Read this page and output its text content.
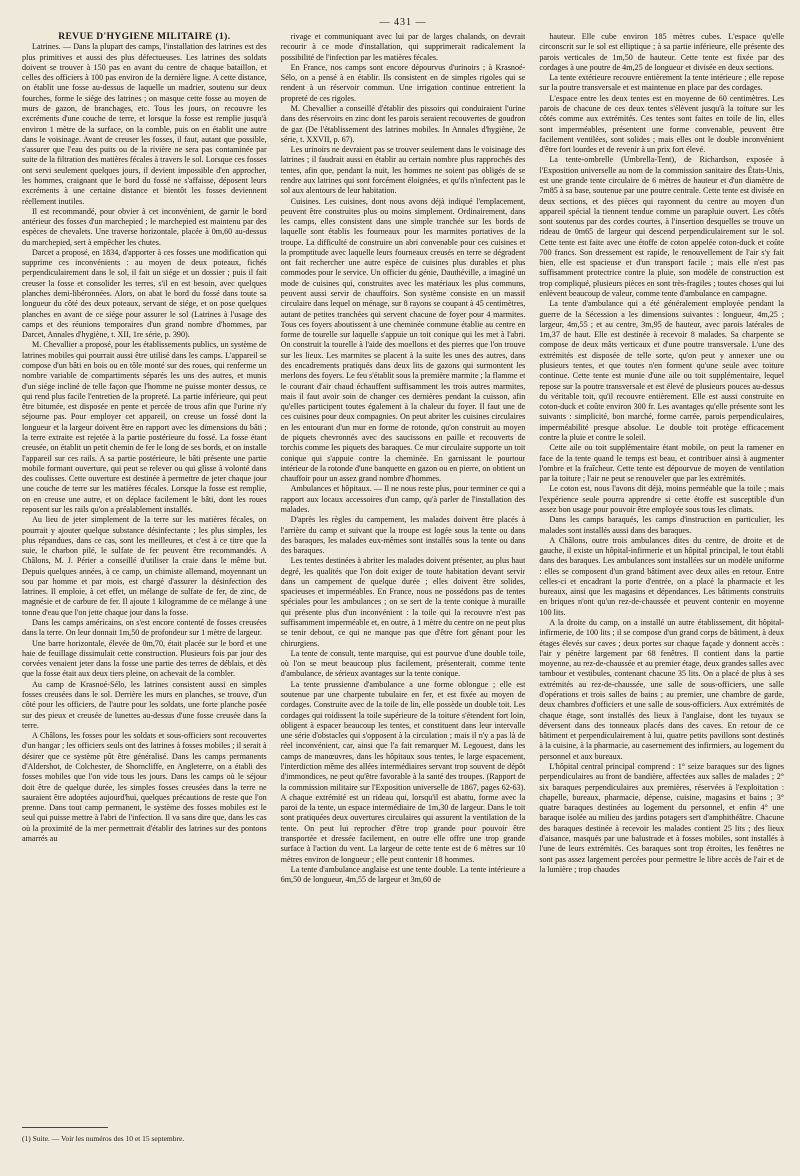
— 431 —

REVUE D'HYGIÈNE MILITAIRE (1).

Latrines. — Dans la plupart des camps, l'installation des latrines est des plus primitives et aussi des plus défectueuses. Les latrines des soldats doivent se trouver à 150 pas en avant du centre de chaque bataillon, et celles des officiers à 100 pas environ de la dernière ligne. A cette distance, on établit une fosse au-dessus de laquelle un madrier, soutenu sur deux fourches, forme le siége des latrines ; on masque cette fosse au moyen de murs de gazon, de branchages, etc. Tous les jours, on recouvre les excréments d'une couche de terre, et lorsque la fosse est remplie jusqu'à environ 1 mètre de la surface, on la comble, puis on en établit une autre dans le voisinage. Avant de creuser les fosses, il faut, autant que possible, s'assurer que l'eau des puits ou de la rivière ne sera pas contaminée par suite de la filtration des matières fécales à travers le sol. Lorsque ces fosses ont servi seulement quelques jours, il devient impossible d'en approcher, les hommes, craignant que le bord du fossé ne s'affaisse, déposent leurs excréments à une certaine distance et bientôt les fosses deviennent réellement inutiles.

Il est recommandé, pour obvier à cet inconvénient, de garnir le bord antérieur des fosses d'un marchepied ; le marchepied est maintenu par des espèces de chevalets. Une traverse horizontale, placée à 0m,60 au-dessus du marchepied, sert à empêcher les chutes.

Darcet a proposé, en 1834, d'apporter à ces fosses une modification qui supprime ces inconvénients : au moyen de deux poteaux, fichés perpendiculairement dans le sol, il fait un siége et un dossier ; puis il fait creuser la fosse et consolider les terres, s'il en est besoin, avec quelques planches demi-libéronnées. Alors, on abat le bord du fossé dans toute sa longueur du côté des deux poteaux, servant de siége, et on pose quelques planches en avant de ce siége pour assurer le sol (Latrines à l'usage des camps et des réunions temporaires d'un grand nombre d'hommes, par Darcet, Annales d'hygiène, t. XII, 1re série, p. 390).

M. Chevallier a proposé, pour les établissements publics, un système de latrines mobiles qui pourrait aussi être utilisé dans les camps. L'appareil se compose d'un bâti en bois ou en tôle monté sur des roues, qui renferme un nombre variable de compartiments séparés les uns des autres, et munis d'un siége incliné de telle façon que l'homme ne puisse monter dessus, ce qui rend plus facile l'entretien de la propreté. La partie inférieure, qui peut être bitumée, est disposée en pente et percée de trous afin que l'urine n'y séjourne pas. Pour employer cet appareil, on creuse un fossé dont la longueur et la largeur doivent être en rapport avec les dimensions du bâti ; la terre extraite est rejetée à la partie postérieure du fossé. La fosse étant creusée, on établit un petit chemin de fer le long de ses bords, et on installe l'appareil sur ces rails. A sa partie postérieure, le bâti présente une partie mobile formant ouverture, qui peut se relever ou qui glisse à volonté dans des coulisses. Cette ouverture est destinée à permettre de jeter chaque jour une couche de terre sur les matières fécales. Lorsque la fosse est remplie, on en creuse une autre, et on déplace facilement le bâti, dont les roues reposent sur les rails qu'on a préalablement installés.

Au lieu de jeter simplement de la terre sur les matières fécales, on pourrait y ajouter quelque substance désinfectante ; les plus simples, les plus répandues, dans ce cas, sont les meilleures, et c'est à ce titre que la suie, le charbon pilé, le sulfate de fer peuvent être recommandés. A Châlons, M. J. Périer a conseillé d'utiliser la craie dans le même but. Depuis quelques années, à ce camp, un chimiste allemand, moyennant un sou par homme et par mois, est chargé d'assurer la désinfection des latrines. Il emploie, à cet effet, un mélange de sulfate de fer, de zinc, de magnésie et de carbure de fer. Il ajoute 1 kilogramme de ce mélange à une tonne d'eau que l'on jette chaque jour dans la fosse.

Dans les camps américains, on s'est encore contenté de fosses creusées dans la terre. On leur donnait 1m,50 de profondeur sur 1 mètre de largeur.

Une barre horizontale, élevée de 0m,70, était placée sur le bord et une haie de feuillage dissimulait cette construction. Plusieurs fois par jour des corvées venaient jeter dans la fosse une partie des terres de déblais, et dès que la fosse était aux deux tiers pleine, on achevait de la combler.

Au camp de Krasnoé-Sélo, les latrines consistent aussi en simples fosses creusées dans le sol. Derrière les murs en planches, se trouve, d'un côté pour les officiers, de l'autre pour les soldats, une forte planche posée sur des pieux et creusée de lunettes au-dessus d'une fosse creusée dans la terre.

A Châlons, les fosses pour les soldats et sous-officiers sont recouvertes d'un hangar ; les officiers seuls ont des latrines à fosses mobiles ; il serait à désirer que ce système pût être généralisé. Dans les camps permanents d'Aldershot, de Colchester, de Shorncliffe, en Angleterre, on a établi des fosses mobiles que l'on vide tous les jours. Dans les camps où le séjour doit être de quelque durée, les simples fosses creusées dans la terre ne sauraient être adoptées aujourd'hui, quelques précautions de reste que l'on prenne. Dans tout camp permanent, le système des fosses mobiles est le seul qui puisse mettre à l'abri de l'infection. Il va sans dire que, dans les cas où la proximité de la mer permettrait d'établir des latrines sur des pontons amarrés au

(1) Suite. — Voir les numéros des 10 et 15 septembre.

rivage et communiquant avec lui par de larges chalands, on devrait recourir à ce mode d'installation, qui supprimerait radicalement la possibilité de l'infection par les matières fécales.

En France, nos camps sont encore dépourvus d'urinoirs ; à Krasnoé-Sélo, on a pensé à en établir. Ils consistent en de simples rigoles qui se rendent à un réservoir commun. Une irrigation continue entretient la propreté de ces rigoles.

M. Chevallier a conseillé d'établir des pissoirs qui conduiraient l'urine dans des réservoirs en zinc dont les parois seraient recouvertes de goudron de gaz (De l'établissement des latrines mobiles. In Annales d'hygiène, 2e série, t. XXVII, p. 67).

Les urinoirs ne devraient pas se trouver seulement dans le voisinage des latrines ; il faudrait aussi en établir au certain nombre plus rapprochés des tentes, afin que, pendant la nuit, les hommes ne soient pas obligés de se rendre aux latrines qui sont forcément éloignées, et qu'ils n'infectent pas le sol aux alentours de leur habitation.

Cuisines. Les cuisines, dont nous avons déjà indiqué l'emplacement, peuvent être construites plus ou moins simplement. Ordinairement, dans les camps, elles consistent dans une simple tranchée sur les bords de laquelle sont établis les fourneaux pour les marmites portatives de la troupe. La difficulté de construire un abri convenable pour ces cuisines et la promptitude avec laquelle leurs fourneaux creusés en terre se dégradent ont fait rechercher une autre espèce de cuisines plus durables et plus commodes pour le service. Un officier du génie, Dauthéville, a imaginé un mode de cuisines qui, construites avec les matériaux les plus communs, peuvent aussi servir de chauffoirs. Son système consiste en un massif circulaire dans lequel on ménage, sur 8 rayons se coupant à 45 centimètres, autant de petites tranchées qui servent chacune de foyer pour 4 marmites. Tous ces foyers aboutissent à une cheminée commune établie au centre en forme de tourelle sur laquelle s'appuie un toit conique qui les met à l'abri. On construit la tourelle à l'aide des moellons et des pierres que l'on trouve sur les lieux. Les marmites se placent à la suite les unes des autres, dans des encadrements pratiqués dans deux lits de gazons qui surmontent les merlons des foyers. Le feu s'établit sous la première marmite ; la flamme et le courant d'air chaud échauffent suffisamment les trois autres marmites, mais il faut avoir soin de changer ces dernières pendant la cuisson, afin qu'elles participent toutes également à la chaleur du foyer. Il faut une de ces cuisines pour deux compagnies. On peut abriter les cuisines circulaires en les entourant d'un mur en forme de rotonde, qu'on construit au moyen de piquets chevronnés avec des saucissons en paille et recouverts de torchis comme les piquets des baraques. Ce mur circulaire supporte un toit conique qui s'appuie contre la cheminée. En garnissant le pourtour intérieur de la rotonde d'une banquette en gazon ou en pierre, on obtient un chauffoir pour un assez grand nombre d'hommes.

Ambulances et hôpitaux. — Il ne nous reste plus, pour terminer ce qui a rapport aux locaux accessoires d'un camp, qu'à parler de l'installation des malades.

D'après les règles du campement, les malades doivent être placés à l'arrière du camp et suivant que la troupe est logée sous la tente ou dans des baraques, les malades eux-mêmes sont installés sous la tente ou dans des baraques.

Les tentes destinées à abriter les malades doivent présenter, au plus haut degré, les qualités que l'on doit exiger de toute habitation devant servir dans un campement de quelque durée ; elles doivent être solides, spacieuses et imperméables. En France, nous ne possédons pas de tentes spéciales pour les ambulances ; on se sert de la tente conique à muraille qui présente plus d'un inconvénient : la toile qui la recouvre n'est pas suffisamment imperméable et, en outre, à 1 mètre du centre on ne peut plus se tenir debout, ce qui ne manque pas que d'être fort gênant pour les chirurgiens.

La tente de consult, tente marquise, qui est pourvue d'une double toile, où l'on se meut beaucoup plus facilement, présenterait, comme tente d'ambulance, de sérieux avantages sur la tente conique.

La tente prussienne d'ambulance a une forme oblongue ; elle est soutenue par une charpente tubulaire en fer, et est fixée au moyen de cordages. Construite avec de la toile de lin, elle possède un double toit. Les cordages qui roidissent la toile supérieure de la toiture s'étendent fort loin, obligent à espacer beaucoup les tentes, et constituent dans leur intervalle une série d'obstacles qui s'opposent à la circulation ; mais il n'y a pas là de réel inconvénient, car, ainsi que l'a fait remarquer M. Legouest, dans les camps de manœuvres, dans les hôpitaux sous tentes, le large espacement, l'interdiction même des allées intermédiaires servant trop souvent de dépôt d'immondices, ne peut qu'être favorable à la santé des troupes. (Rapport de la commission militaire sur l'Exposition universelle de 1867, pages 62-63). A chaque extrémité est un rideau qui, lorsqu'il est abattu, forme avec la paroi de la tente, un espace intermédiaire de 1m,30 de largeur. Dans le toit sont pratiquées deux ouvertures circulaires qui assurent la ventilation de la tente. On peut lui reprocher d'être trop grande pour pouvoir être transportée et dressée facilement, en outre elle offre une trop grande surface à l'action du vent. La largeur de cette tente est de 6 mètres sur 10 mètres environ de longueur ; elle peut contenir 18 hommes.

La tente d'ambulance anglaise est une tente double. La tente intérieure a 6m,50 de longueur, 4m,55 de largeur et 3m,60 de

hauteur. Elle cube environ 185 mètres cubes. L'espace qu'elle circonscrit sur le sol est elliptique ; à sa partie inférieure, elle présente des parois verticales de 1m,50 de hauteur. Cette tente est fixée par des cordages à une poutre de 4m,25 de longueur et divisée en deux sections.

La tente extérieure recouvre entièrement la tente intérieure ; elle repose sur la poutre transversale et est maintenue en place par des cordages.

L'espace entre les deux tentes est en moyenne de 60 centimètres. Les parois de chacune de ces deux tentes s'élèvent jusqu'à la toiture sur les côtés comme aux extrémités. Ces tentes sont faites en toile de lin, elles sont imperméables, présentent une forme convenable, peuvent être facilement ventilées, sont solides ; mais elles ont le double inconvénient d'être fort lourdes et de revenir à un prix fort élevé.

La tente-ombrelle (Umbrella-Tent), de Richardson, exposée à l'Exposition universelle au nom de la commission sanitaire des États-Unis, est une grande tente circulaire de 6 mètres de hauteur et d'un diamètre de 7m85 à sa base, soutenue par une poutre centrale. Cette tente est divisée en deux sections, et des pièces qui rayonnent du centre au moyen d'un appareil spécial la tiennent tendue comme un parapluie ouvert. Les côtés sont soutenus par des cordes courtes, à l'insertion desquelles se trouve un rideau de 0m65 de largeur qui descend perpendiculairement sur le sol. Cette tente est faite avec une étoffe de coton appelée coton-duck et coûte 700 francs. Son dressement est rapide, le renouvellement de l'air s'y fait bien, elle est spacieuse et d'un transport facile ; mais elle n'est pas suffisamment protectrice contre la pluie, son modèle de construction est trop compliqué, plusieurs pièces en sont très-fragiles ; toutes choses qui lui enlèvent beaucoup de valeur, comme tente d'ambulance en campagne.

La tente d'ambulance qui a été généralement employée pendant la guerre de la Sécession a les dimensions suivantes : longueur, 4m,25 ; largeur, 4m,55 ; et au centre, 3m,95 de hauteur, avec parois latérales de 1m,37 de haut. Elle est destinée à recevoir 8 malades. Sa charpente se compose de deux mâts verticaux et d'une poutre transversale. L'une des extrémités est disposée de telle sorte, qu'on peut y annexer une ou plusieurs tentes, et que toutes n'en forment qu'une seule avec toiture continue. Cette tente est munie d'une aile ou toit supplémentaire, lequel repose sur la poutre transversale et est élevé de plusieurs pouces au-dessus du véritable toit, qu'il recouvre entièrement. Elle est aussi construite en coton-duck et coûte environ 300 fr. Les avantages qu'elle présente sont les suivants : simplicité, bon marché, forme carrée, parois perpendiculaires, imperméabilité presque absolue. Le double toit protège efficacement contre la pluie et contre le soleil.

Cette aile ou toit supplémentaire étant mobile, on peut la ramener en face de la tente quand le temps est beau, et contribuer ainsi à augmenter l'ombre et la fraîcheur. Cette tente est dépourvue de moyen de ventilation par la toiture ; l'air ne peut se renouveler que par les extrémités.

Le coton est, nous l'avons dit déjà, moins perméable que la toile ; mais l'expérience seule pourra apprendre si cette étoffe est susceptible d'un assez bon usage pour pouvoir être employée sous tous les climats.

Dans les camps baraqués, les camps d'instruction en particulier, les malades sont installés aussi dans des baraques.

A Châlons, outre trois ambulances dites du centre, de droite et de gauche, il existe un hôpital-infirmerie et un hôpital principal, le tout établi dans des baraques. Les ambulances sont installées sur un modèle uniforme : elles se composent d'un grand bâtiment avec deux ailes en retour. Entre celles-ci et encadrant la porte d'entrée, on a placé la pharmacie et les bureaux, ainsi que les magasins et dépendances. Les bâtiments construits en briques n'ont qu'un rez-de-chaussée et peuvent contenir en moyenne 100 lits.

A la droite du camp, on a installé un autre établissement, dit hôpital-infirmerie, de 100 lits ; il se compose d'un grand corps de bâtiment, à deux étages élevés sur caves ; deux portes sur chaque façade y donnent accès : l'air y pénètre largement par 68 fenêtres. Il contient dans la partie moyenne, au rez-de-chaussée et au premier étage, deux grandes salles avec tambour et vestibules, contenant chacune 35 lits. On a placé de plus à ses extrémités au rez-de-chaussée, une salle de sous-officiers, une salle d'opérations et trois salles de bains ; au premier, une chambre de garde, deux chambres d'officiers et une salle de sous-officiers. Aux extrémités de chaque étage, sont installés des lieux à l'anglaise, dont les tuyaux se déversent dans des tonneaux placés dans des caves. En retour de ce bâtiment et perpendiculairement à lui, quatre petits pavillons sont destinés à la cuisine, à la pharmacie, au casernement des infirmiers, au logement du personnel et aux bureaux.

L'hôpital central principal comprend : 1° seize baraques sur des lignes perpendiculaires au front de bandière, affectées aux salles de malades ; 2° six baraques perpendiculaires aux premières, réservées à l'exploitation : chapelle, bureaux, pharmacie, dépense, cuisine, magasins et bains ; 3° quatre baraques destinées au logement du personnel, et enfin 4° une baraque isolée au milieu des jardins potagers sert d'amphithéâtre. Chacune des baraques destinée à recevoir les malades contient 25 lits ; des lieux d'aisance, masqués par une balustrade et à fosses mobiles, sont installés à l'une de leurs extrémités. Ces baraques sont trop étroites, les fenêtres ne sont pas assez largement percées pour permettre le libre accès de l'air et de la lumière ; trop chaudes
